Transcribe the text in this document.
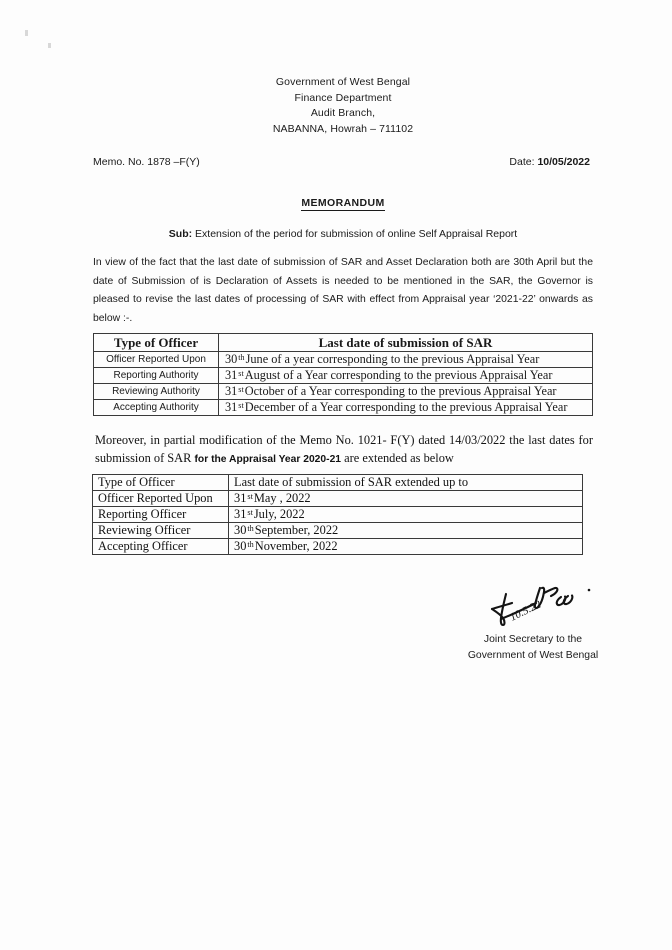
Government of West Bengal
Finance Department
Audit Branch,
NABANNA, Howrah – 711102
Memo. No. 1878 –F(Y)	Date: 10/05/2022
MEMORANDUM
Sub: Extension of the period for submission of online Self Appraisal Report
In view of the fact that the last date of submission of SAR and Asset Declaration both are 30th April but the date of Submission of is Declaration of Assets is needed to be mentioned in the SAR, the Governor is pleased to revise the last dates of processing of SAR with effect from Appraisal year ‘2021-22’ onwards as below :-.
Type of Officer	Last date of submission of SAR
Officer Reported Upon	30thJune of a year corresponding to the previous Appraisal Year
Reporting Authority	31stAugust of a Year corresponding to the previous Appraisal Year
Reviewing Authority	31stOctober of a Year corresponding to the previous Appraisal Year
Accepting Authority	31stDecember of a Year corresponding to the previous Appraisal Year
Moreover, in partial modification of the Memo No. 1021- F(Y) dated 14/03/2022 the last dates for submission of SAR for the Appraisal Year 2020-21 are extended as below
Type of Officer	Last date of submission of SAR extended up to
Officer Reported Upon	31stMay , 2022
Reporting Officer	31stJuly, 2022
Reviewing Officer	30thSeptember, 2022
Accepting Officer	30thNovember, 2022
10.5.22
Joint Secretary to the
Government of West Bengal
